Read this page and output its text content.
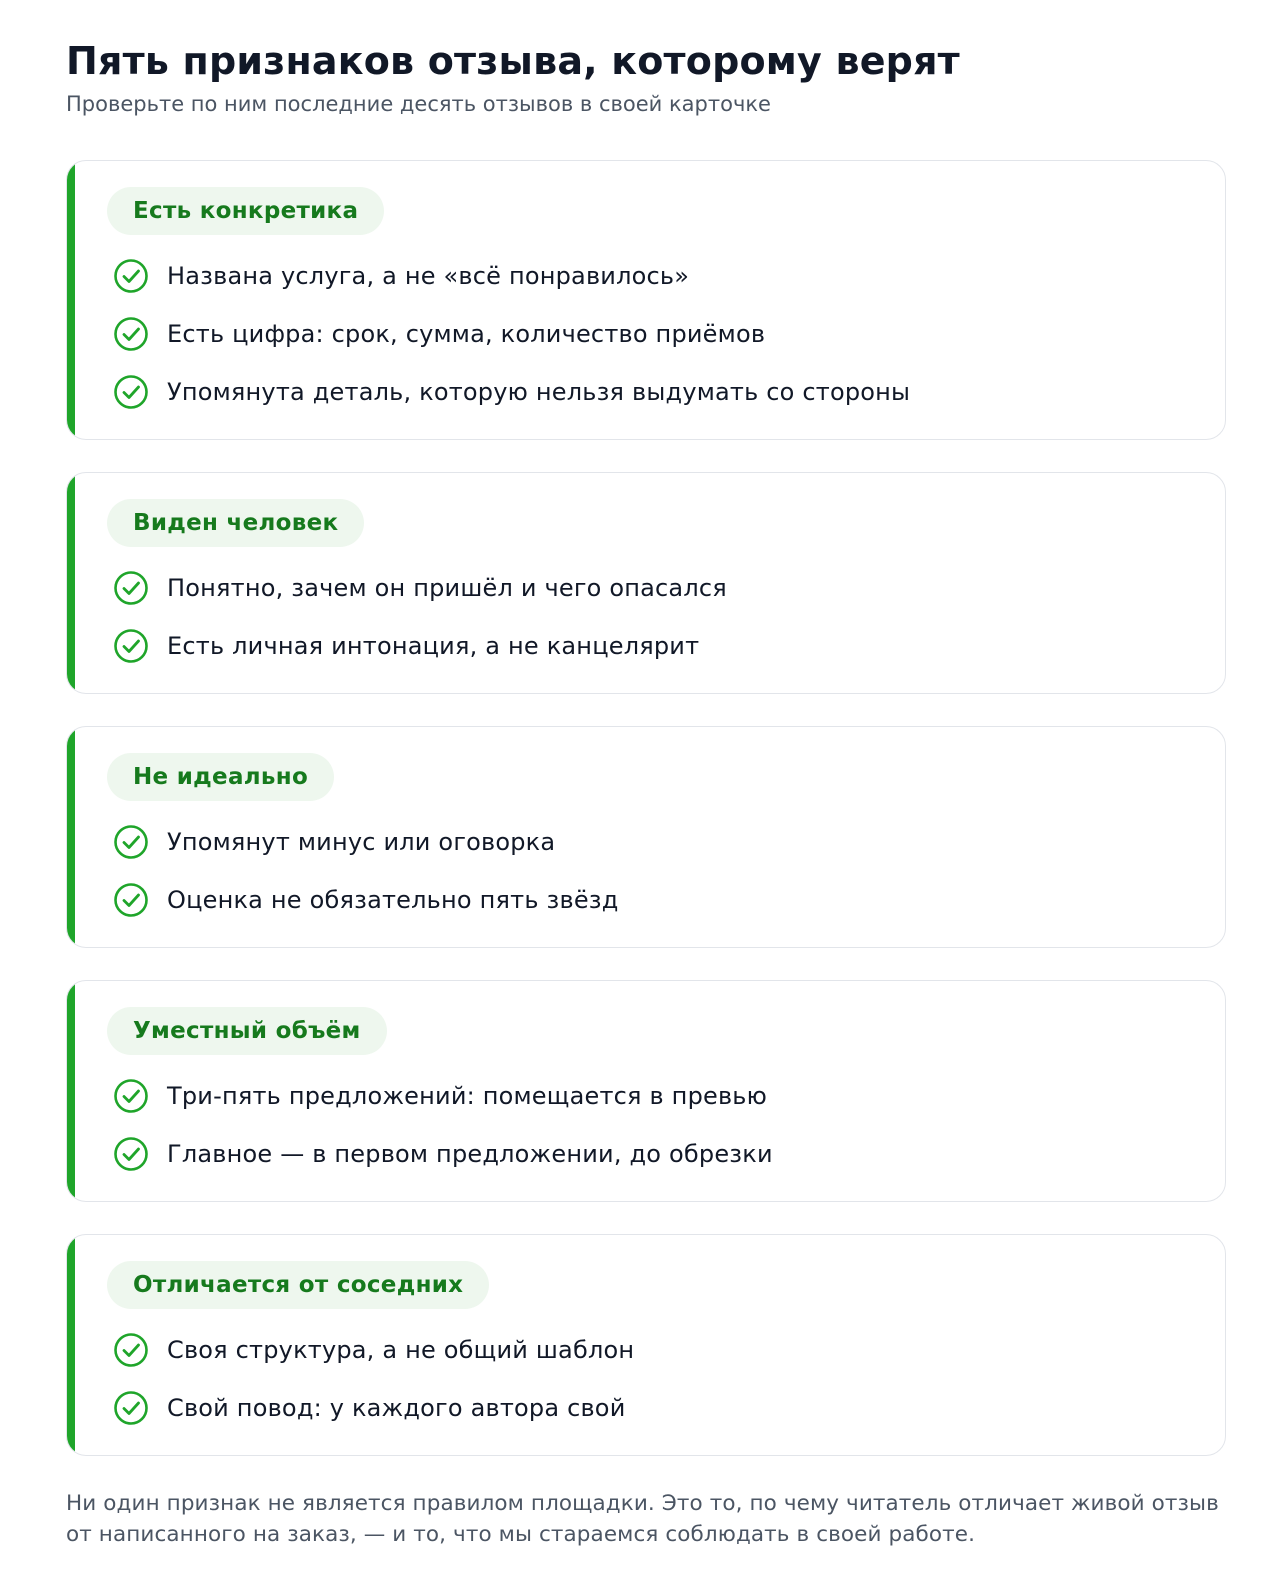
Пять признаков отзыва, которому верят

Проверьте по ним последние десять отзывов в своей карточке

Есть конкретика
Названа услуга, а не «всё понравилось»
Есть цифра: срок, сумма, количество приёмов
Упомянута деталь, которую нельзя выдумать со стороны
Виден человек
Понятно, зачем он пришёл и чего опасался
Есть личная интонация, а не канцелярит
Не идеально
Упомянут минус или оговорка
Оценка не обязательно пять звёзд
Уместный объём
Три-пять предложений: помещается в превью
Главное — в первом предложении, до обрезки
Отличается от соседних
Своя структура, а не общий шаблон
Свой повод: у каждого автора свой

Ни один признак не является правилом площадки. Это то, по чему читатель отличает живой отзыв от написанного на заказ, — и то, что мы стараемся соблюдать в своей работе.
